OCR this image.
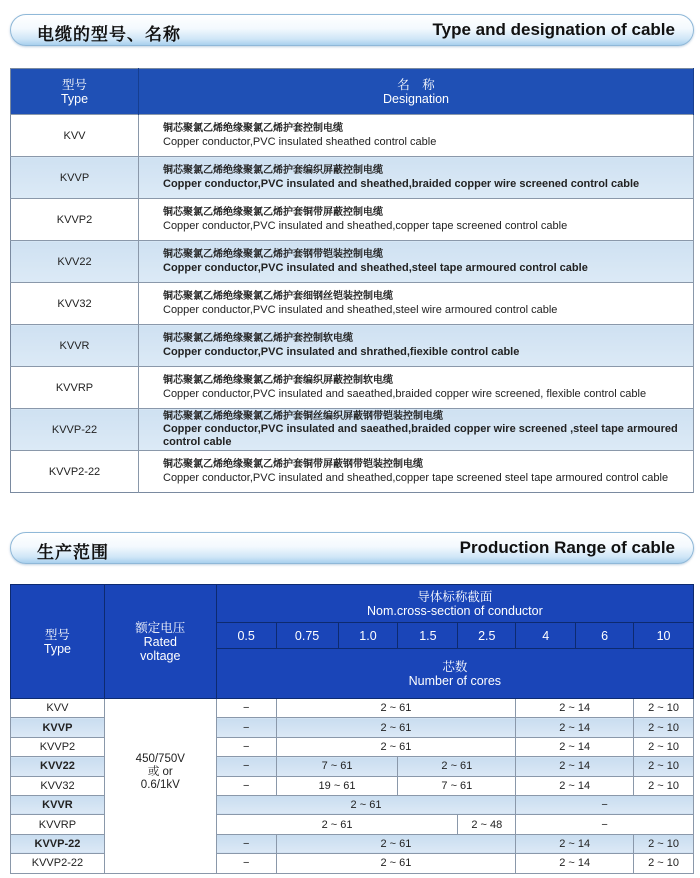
电缆的型号、名称	Type and designation of cable
型号
Type	名　称
Designation
KVV	铜芯聚氯乙烯绝缘聚氯乙烯护套控制电缆
Copper conductor,PVC insulated sheathed control cable

KVVP	铜芯聚氯乙烯绝缘聚氯乙烯护套编织屏蔽控制电缆
Copper conductor,PVC insulated and sheathed,braided copper wire screened control cable

KVVP2	铜芯聚氯乙烯绝缘聚氯乙烯护套铜带屏蔽控制电缆
Copper conductor,PVC insulated and sheathed,copper tape screened control cable

KVV22	铜芯聚氯乙烯绝缘聚氯乙烯护套钢带铠装控制电缆
Copper conductor,PVC insulated and sheathed,steel tape armoured control cable

KVV32	铜芯聚氯乙烯绝缘聚氯乙烯护套细钢丝铠装控制电缆
Copper conductor,PVC insulated and sheathed,steel wire armoured control cable

KVVR	铜芯聚氯乙烯绝缘聚氯乙烯护套控制软电缆
Copper conductor,PVC insulated and shrathed,fiexible control cable

KVVRP	铜芯聚氯乙烯绝缘聚氯乙烯护套编织屏蔽控制软电缆
Copper conductor,PVC insulated and saeathed,braided copper wire screened, flexible control cable

KVVP-22	铜芯聚氯乙烯绝缘聚氯乙烯护套铜丝编织屏蔽钢带铠装控制电缆
Copper conductor,PVC insulated and saeathed,braided copper wire screened ,steel tape armoured control cable

KVVP2-22	铜芯聚氯乙烯绝缘聚氯乙烯护套铜带屏蔽钢带铠装控制电缆
Copper conductor,PVC insulated and sheathed,copper tape screened steel tape armoured control cable
生产范围	Production Range of cable
型号
Type	额定电压
Rated
voltage	导体标称截面
Nom.cross-section of conductor							
		0.5	0.75	1.0	1.5	2.5	4	6	10
		芯数
Number of cores							
KVV	450/750V
或 or
0.6/1kV	−	2 ~ 61				2 ~ 14		2 ~ 10
KVVP		−	2 ~ 61				2 ~ 14		2 ~ 10
KVVP2		−	2 ~ 61				2 ~ 14		2 ~ 10
KVV22		−	7 ~ 61		2 ~ 61		2 ~ 14		2 ~ 10
KVV32		−	19 ~ 61		7 ~ 61		2 ~ 14		2 ~ 10
KVVR		2 ~ 61					−		
KVVRP		2 ~ 61				2 ~ 48	−		
KVVP-22		−	2 ~ 61				2 ~ 14		2 ~ 10
KVVP2-22		−	2 ~ 61				2 ~ 14		2 ~ 10
